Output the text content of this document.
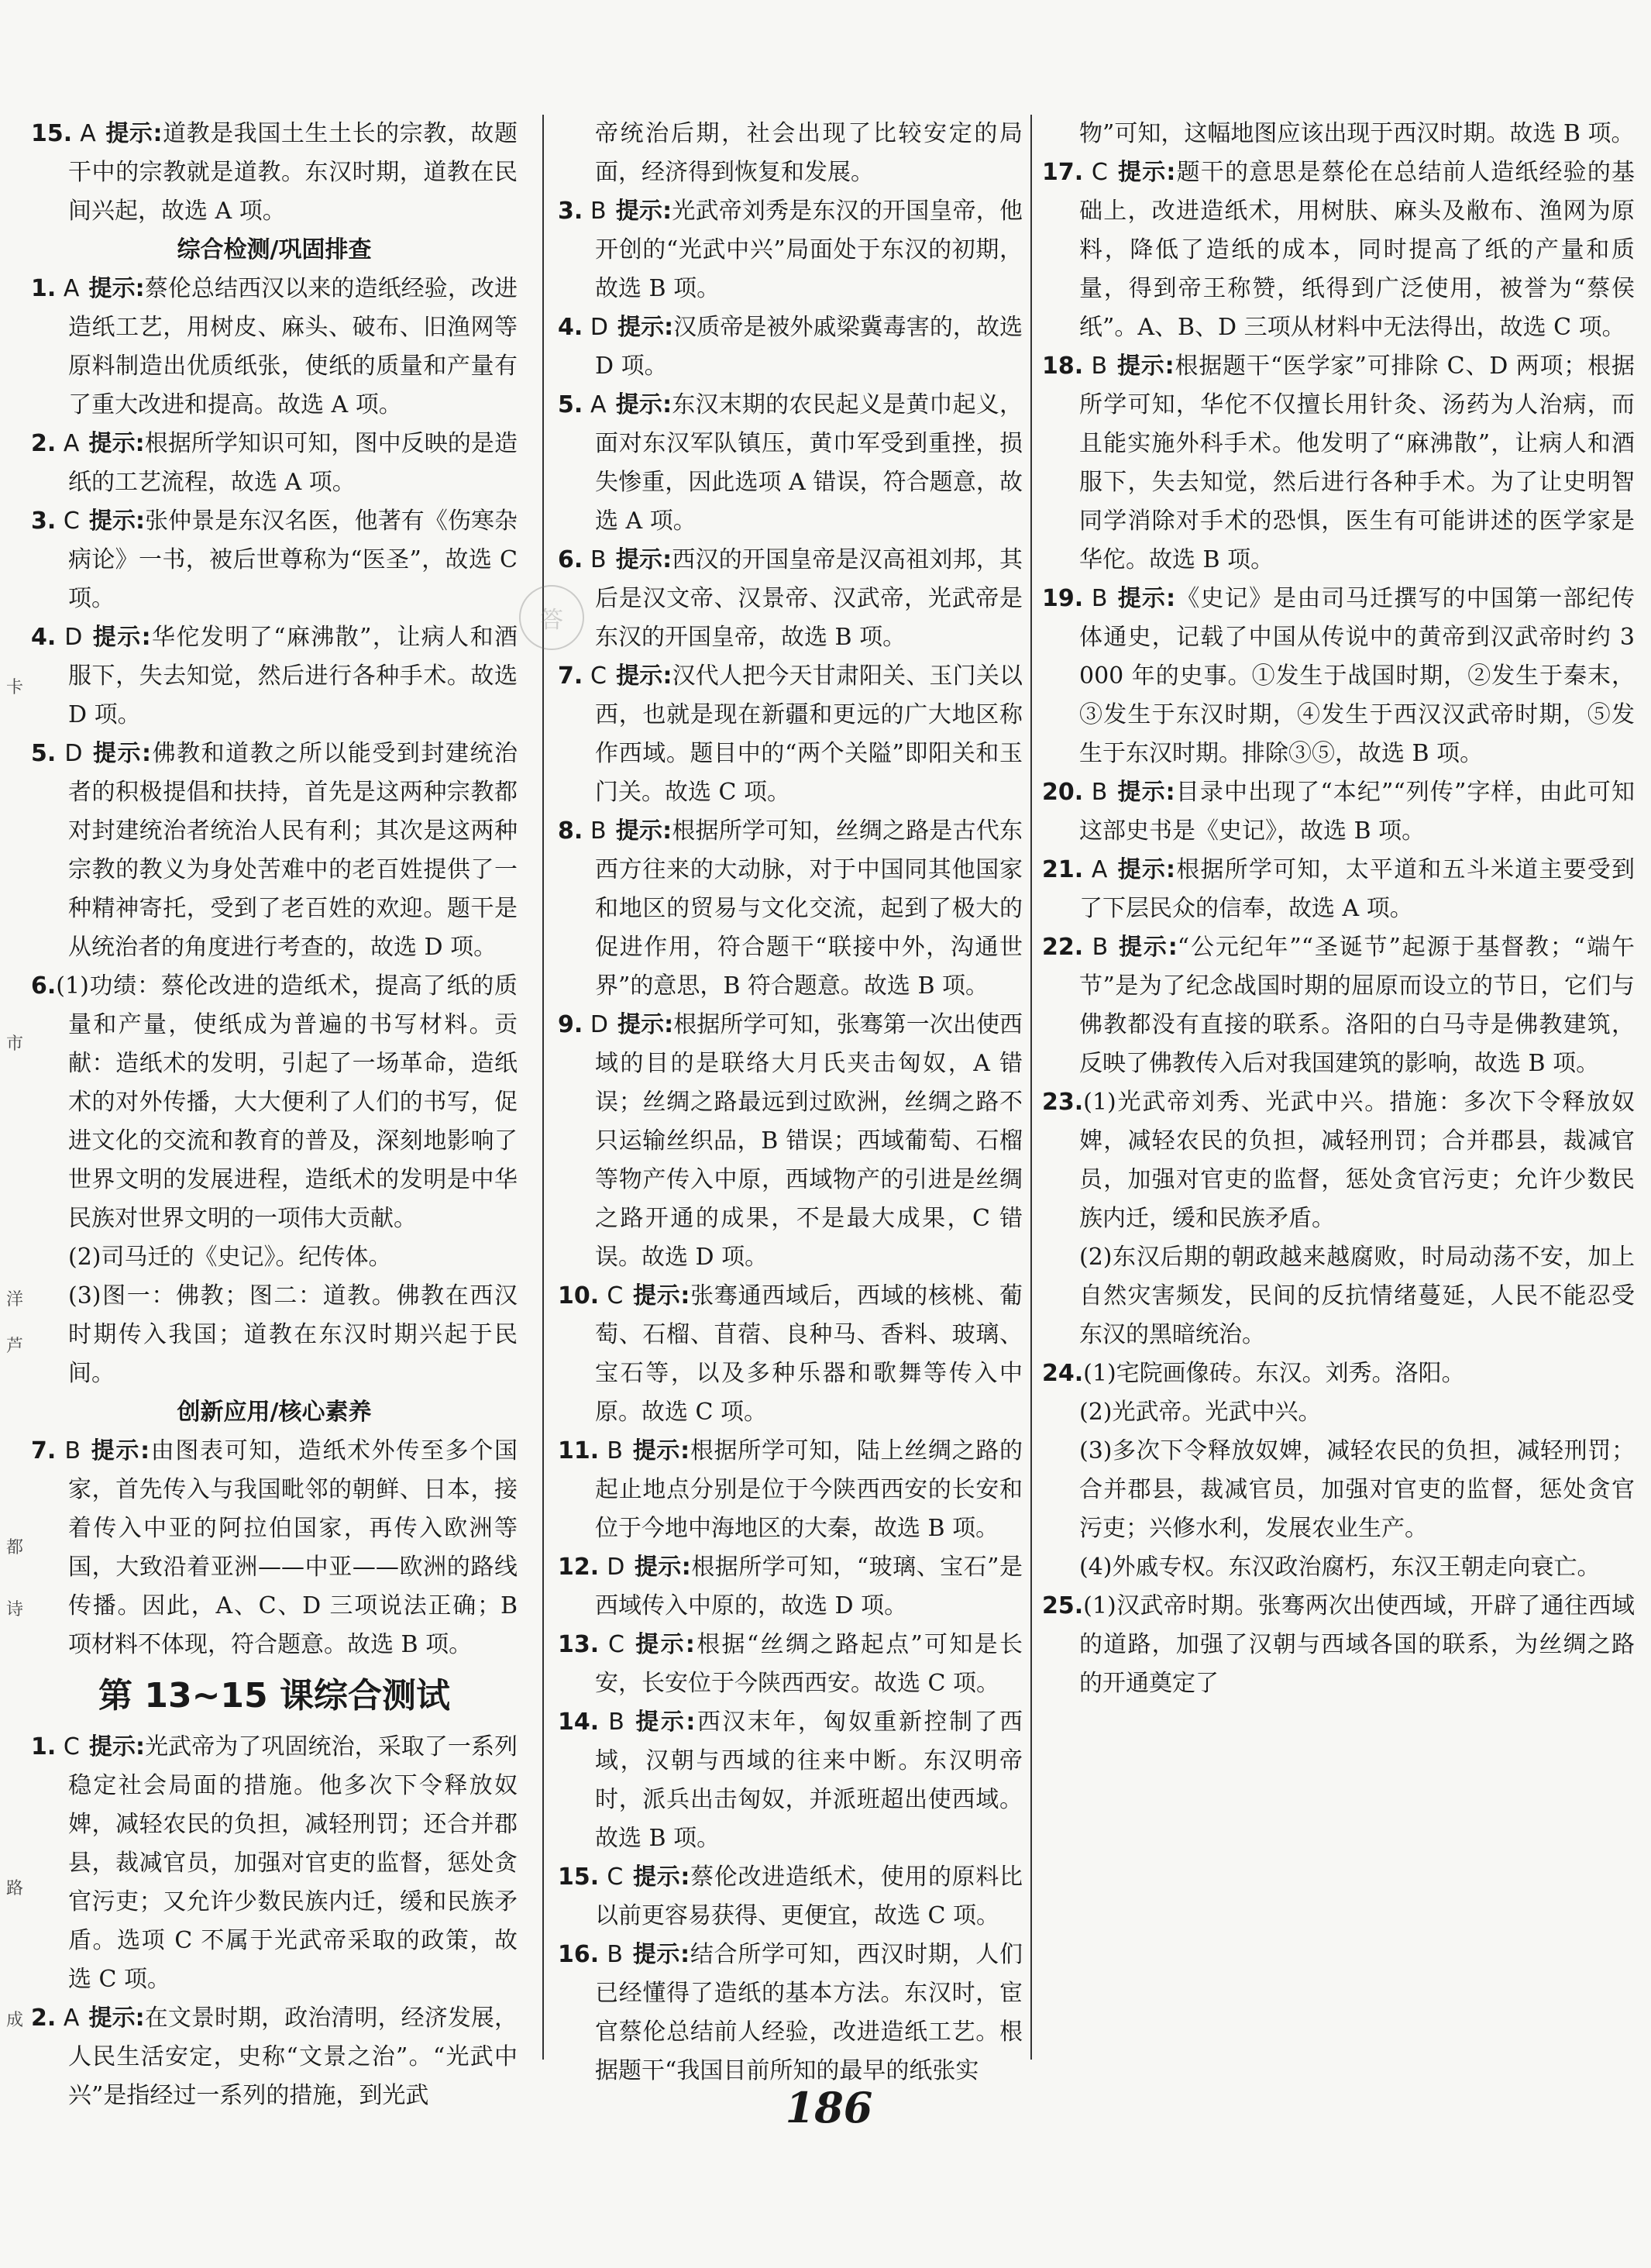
卡
市
洋
芦
都
诗
路
成
答
15. A 提示:道教是我国土生土长的宗教，故题干中的宗教就是道教。东汉时期，道教在民间兴起，故选 A 项。
综合检测/巩固排查
1. A 提示:蔡伦总结西汉以来的造纸经验，改进造纸工艺，用树皮、麻头、破布、旧渔网等原料制造出优质纸张，使纸的质量和产量有了重大改进和提高。故选 A 项。
2. A 提示:根据所学知识可知，图中反映的是造纸的工艺流程，故选 A 项。
3. C 提示:张仲景是东汉名医，他著有《伤寒杂病论》一书，被后世尊称为“医圣”，故选 C 项。
4. D 提示:华佗发明了“麻沸散”，让病人和酒服下，失去知觉，然后进行各种手术。故选 D 项。
5. D 提示:佛教和道教之所以能受到封建统治者的积极提倡和扶持，首先是这两种宗教都对封建统治者统治人民有利；其次是这两种宗教的教义为身处苦难中的老百姓提供了一种精神寄托，受到了老百姓的欢迎。题干是从统治者的角度进行考查的，故选 D 项。
6.(1)功绩：蔡伦改进的造纸术，提高了纸的质量和产量，使纸成为普遍的书写材料。贡献：造纸术的发明，引起了一场革命，造纸术的对外传播，大大便利了人们的书写，促进文化的交流和教育的普及，深刻地影响了世界文明的发展进程，造纸术的发明是中华民族对世界文明的一项伟大贡献。
(2)司马迁的《史记》。纪传体。
(3)图一：佛教；图二：道教。佛教在西汉时期传入我国；道教在东汉时期兴起于民间。
创新应用/核心素养
7. B 提示:由图表可知，造纸术外传至多个国家，首先传入与我国毗邻的朝鲜、日本，接着传入中亚的阿拉伯国家，再传入欧洲等国，大致沿着亚洲——中亚——欧洲的路线传播。因此，A、C、D 三项说法正确；B 项材料不体现，符合题意。故选 B 项。
第 13~15 课综合测试
1. C 提示:光武帝为了巩固统治，采取了一系列稳定社会局面的措施。他多次下令释放奴婢，减轻农民的负担，减轻刑罚；还合并郡县，裁减官员，加强对官吏的监督，惩处贪官污吏；又允许少数民族内迁，缓和民族矛盾。选项 C 不属于光武帝采取的政策，故选 C 项。
2. A 提示:在文景时期，政治清明，经济发展，人民生活安定，史称“文景之治”。“光武中兴”是指经过一系列的措施，到光武
帝统治后期，社会出现了比较安定的局面，经济得到恢复和发展。
3. B 提示:光武帝刘秀是东汉的开国皇帝，他开创的“光武中兴”局面处于东汉的初期，故选 B 项。
4. D 提示:汉质帝是被外戚梁冀毒害的，故选 D 项。
5. A 提示:东汉末期的农民起义是黄巾起义，面对东汉军队镇压，黄巾军受到重挫，损失惨重，因此选项 A 错误，符合题意，故选 A 项。
6. B 提示:西汉的开国皇帝是汉高祖刘邦，其后是汉文帝、汉景帝、汉武帝，光武帝是东汉的开国皇帝，故选 B 项。
7. C 提示:汉代人把今天甘肃阳关、玉门关以西，也就是现在新疆和更远的广大地区称作西域。题目中的“两个关隘”即阳关和玉门关。故选 C 项。
8. B 提示:根据所学可知，丝绸之路是古代东西方往来的大动脉，对于中国同其他国家和地区的贸易与文化交流，起到了极大的促进作用，符合题干“联接中外，沟通世界”的意思，B 符合题意。故选 B 项。
9. D 提示:根据所学可知，张骞第一次出使西域的目的是联络大月氏夹击匈奴，A 错误；丝绸之路最远到过欧洲，丝绸之路不只运输丝织品，B 错误；西域葡萄、石榴等物产传入中原，西域物产的引进是丝绸之路开通的成果，不是最大成果，C 错误。故选 D 项。
10. C 提示:张骞通西域后，西域的核桃、葡萄、石榴、苜蓿、良种马、香料、玻璃、宝石等，以及多种乐器和歌舞等传入中原。故选 C 项。
11. B 提示:根据所学可知，陆上丝绸之路的起止地点分别是位于今陕西西安的长安和位于今地中海地区的大秦，故选 B 项。
12. D 提示:根据所学可知，“玻璃、宝石”是西域传入中原的，故选 D 项。
13. C 提示:根据“丝绸之路起点”可知是长安，长安位于今陕西西安。故选 C 项。
14. B 提示:西汉末年，匈奴重新控制了西域，汉朝与西域的往来中断。东汉明帝时，派兵出击匈奴，并派班超出使西域。故选 B 项。
15. C 提示:蔡伦改进造纸术，使用的原料比以前更容易获得、更便宜，故选 C 项。
16. B 提示:结合所学可知，西汉时期，人们已经懂得了造纸的基本方法。东汉时，宦官蔡伦总结前人经验，改进造纸工艺。根据题干“我国目前所知的最早的纸张实
物”可知，这幅地图应该出现于西汉时期。故选 B 项。
17. C 提示:题干的意思是蔡伦在总结前人造纸经验的基础上，改进造纸术，用树肤、麻头及敝布、渔网为原料，降低了造纸的成本，同时提高了纸的产量和质量，得到帝王称赞，纸得到广泛使用，被誉为“蔡侯纸”。A、B、D 三项从材料中无法得出，故选 C 项。
18. B 提示:根据题干“医学家”可排除 C、D 两项；根据所学可知，华佗不仅擅长用针灸、汤药为人治病，而且能实施外科手术。他发明了“麻沸散”，让病人和酒服下，失去知觉，然后进行各种手术。为了让史明智同学消除对手术的恐惧，医生有可能讲述的医学家是华佗。故选 B 项。
19. B 提示:《史记》是由司马迁撰写的中国第一部纪传体通史，记载了中国从传说中的黄帝到汉武帝时约 3 000 年的史事。①发生于战国时期，②发生于秦末，③发生于东汉时期，④发生于西汉汉武帝时期，⑤发生于东汉时期。排除③⑤，故选 B 项。
20. B 提示:目录中出现了“本纪”“列传”字样，由此可知这部史书是《史记》，故选 B 项。
21. A 提示:根据所学可知，太平道和五斗米道主要受到了下层民众的信奉，故选 A 项。
22. B 提示:“公元纪年”“圣诞节”起源于基督教；“端午节”是为了纪念战国时期的屈原而设立的节日，它们与佛教都没有直接的联系。洛阳的白马寺是佛教建筑，反映了佛教传入后对我国建筑的影响，故选 B 项。
23.(1)光武帝刘秀、光武中兴。措施：多次下令释放奴婢，减轻农民的负担，减轻刑罚；合并郡县，裁减官员，加强对官吏的监督，惩处贪官污吏；允许少数民族内迁，缓和民族矛盾。
(2)东汉后期的朝政越来越腐败，时局动荡不安，加上自然灾害频发，民间的反抗情绪蔓延，人民不能忍受东汉的黑暗统治。
24.(1)宅院画像砖。东汉。刘秀。洛阳。
(2)光武帝。光武中兴。
(3)多次下令释放奴婢，减轻农民的负担，减轻刑罚；合并郡县，裁减官员，加强对官吏的监督，惩处贪官污吏；兴修水利，发展农业生产。
(4)外戚专权。东汉政治腐朽，东汉王朝走向衰亡。
25.(1)汉武帝时期。张骞两次出使西域，开辟了通往西域的道路，加强了汉朝与西域各国的联系，为丝绸之路的开通奠定了
186
